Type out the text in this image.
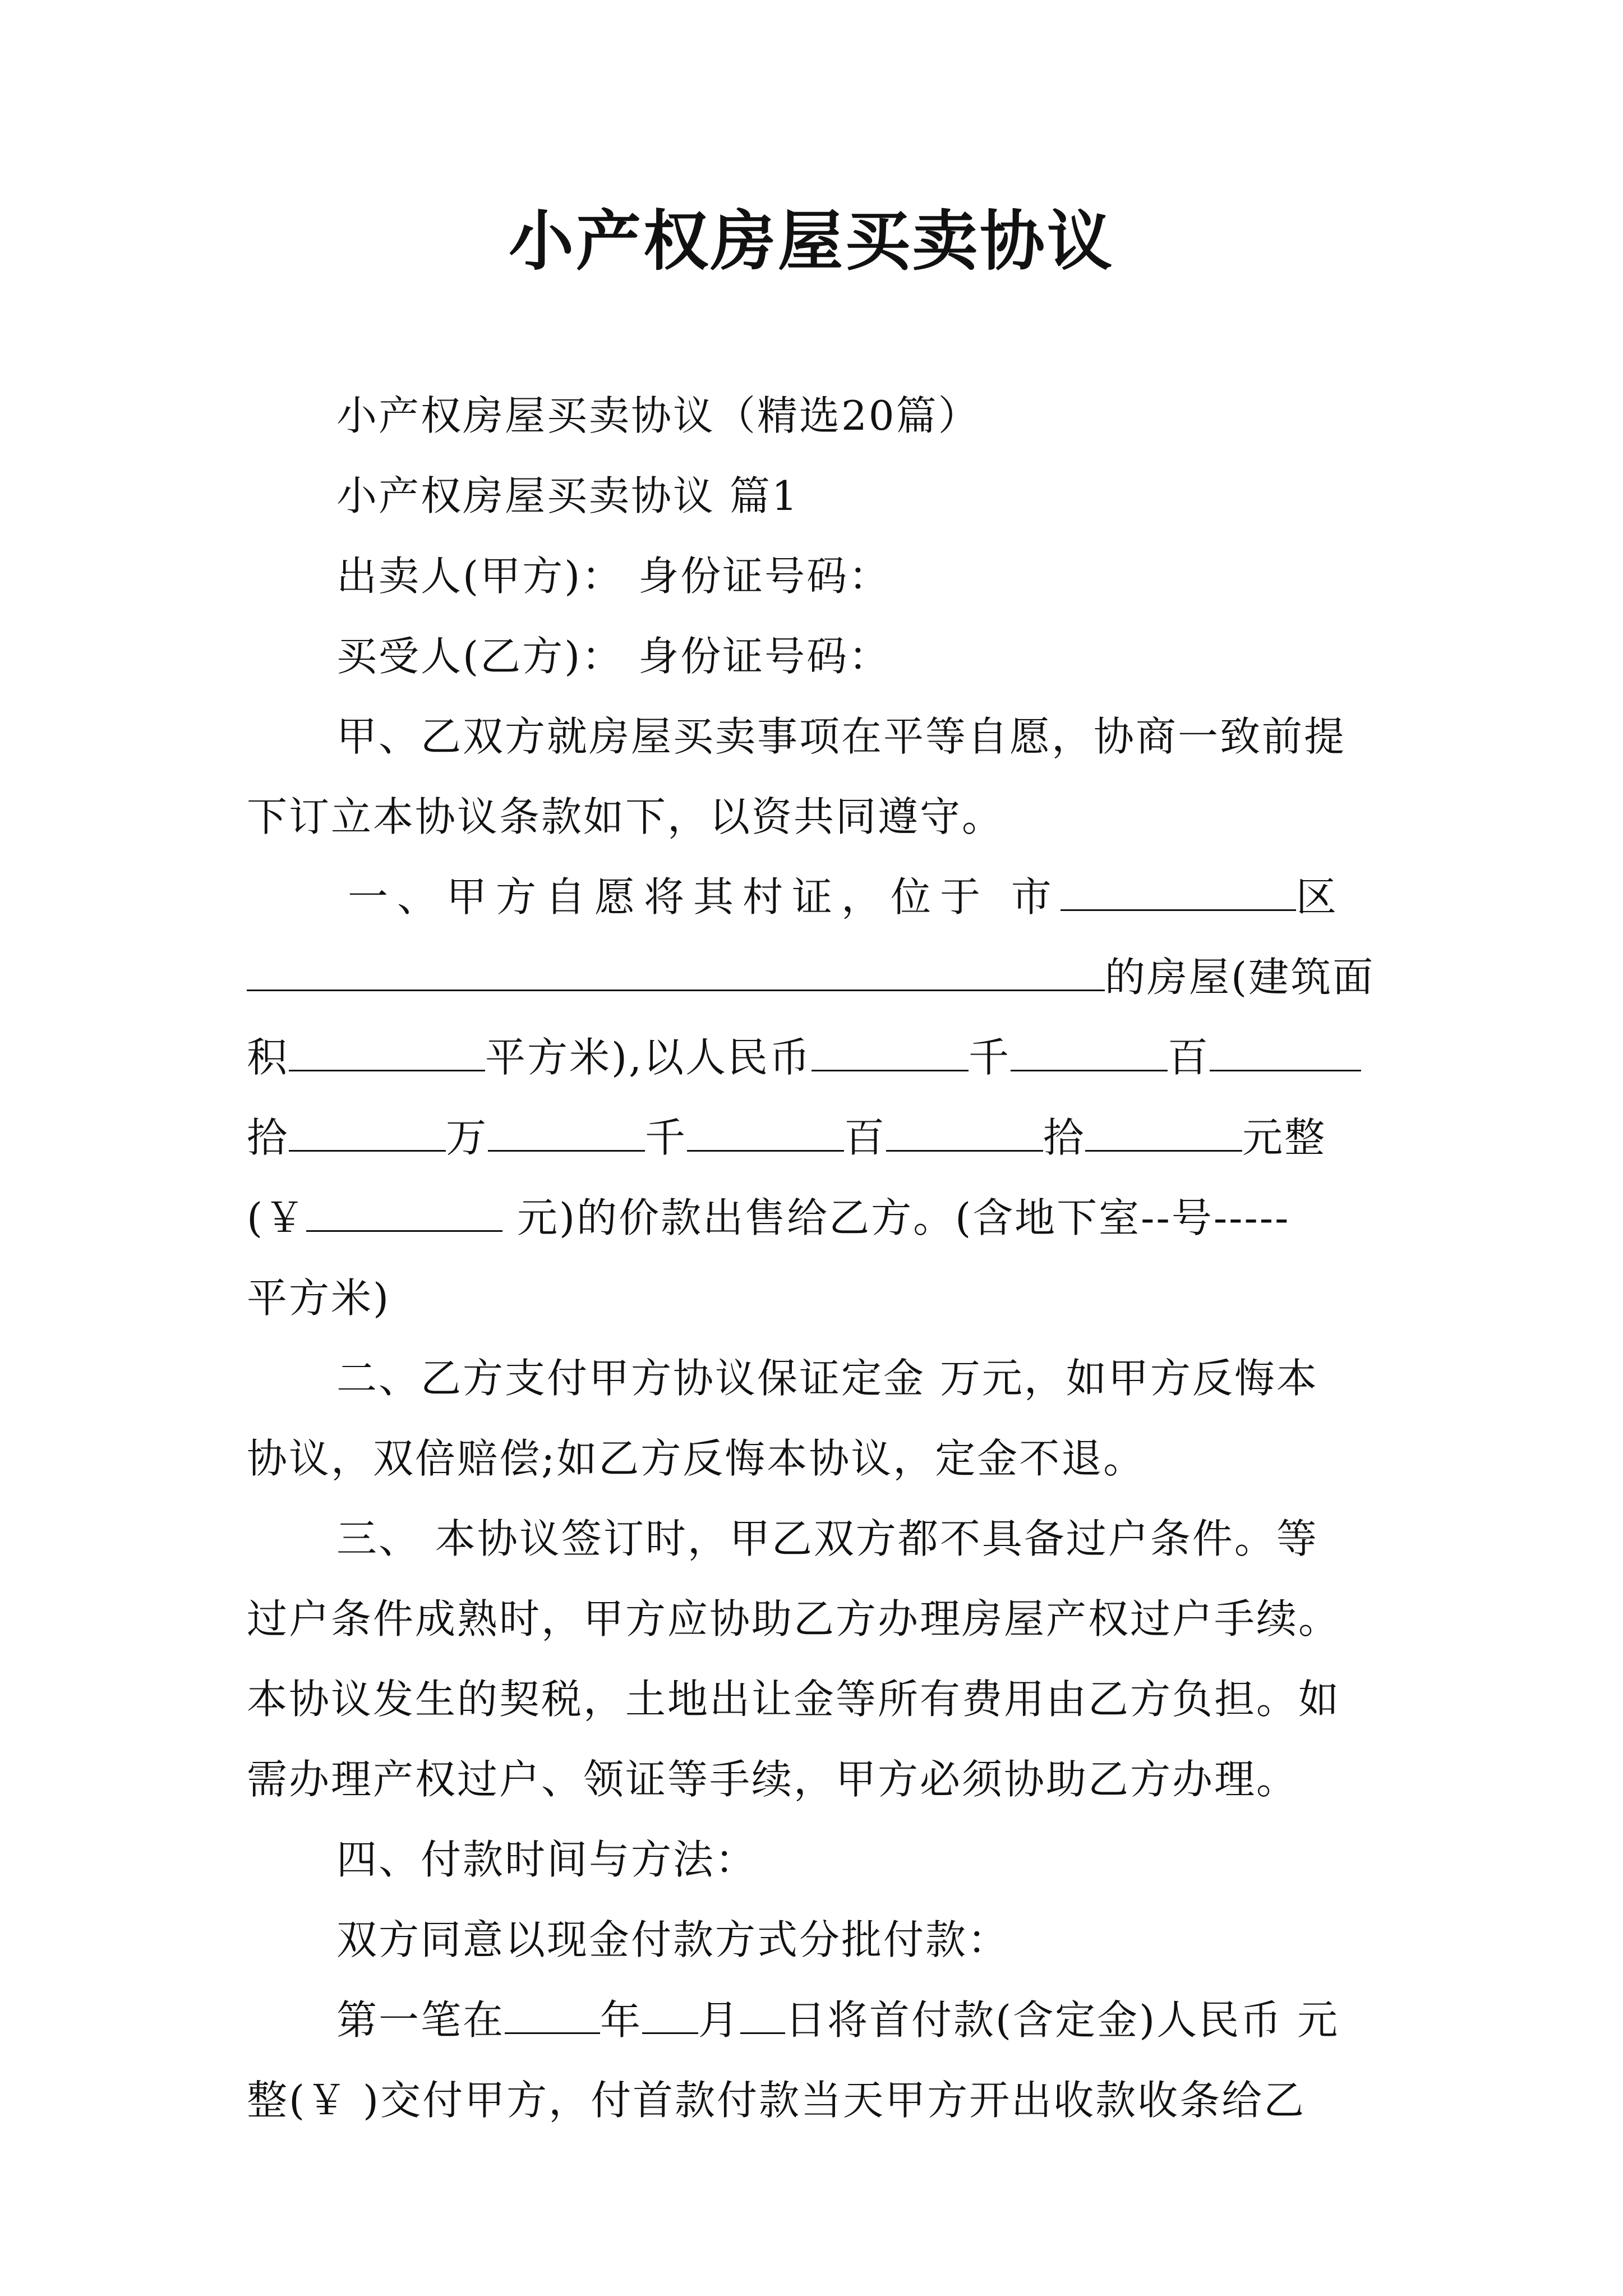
小产权房屋买卖协议

小产权房屋买卖协议（精选20篇）

小产权房屋买卖协议 篇1

出卖人(甲方)： 身份证号码：

买受人(乙方)： 身份证号码：

甲、乙双方就房屋买卖事项在平等自愿，协商一致前提

下订立本协议条款如下，以资共同遵守。

一、甲方自愿将其村证，位于 市	区

的房屋(建筑面

积	平方米),以人民币	千	百

拾	万	千	百	拾	元整

(￥	元)的价款出售给乙方。(含地下室--号-----

平方米)

二、乙方支付甲方协议保证定金 万元，如甲方反悔本

协议，双倍赔偿;如乙方反悔本协议，定金不退。

三、 本协议签订时，甲乙双方都不具备过户条件。等

过户条件成熟时，甲方应协助乙方办理房屋产权过户手续。

本协议发生的契税，土地出让金等所有费用由乙方负担。如

需办理产权过户、领证等手续，甲方必须协助乙方办理。

四、付款时间与方法：

双方同意以现金付款方式分批付款：

第一笔在 年 月 日将首付款(含定金)人民币 元

整(￥ )交付甲方，付首款付款当天甲方开出收款收条给乙
